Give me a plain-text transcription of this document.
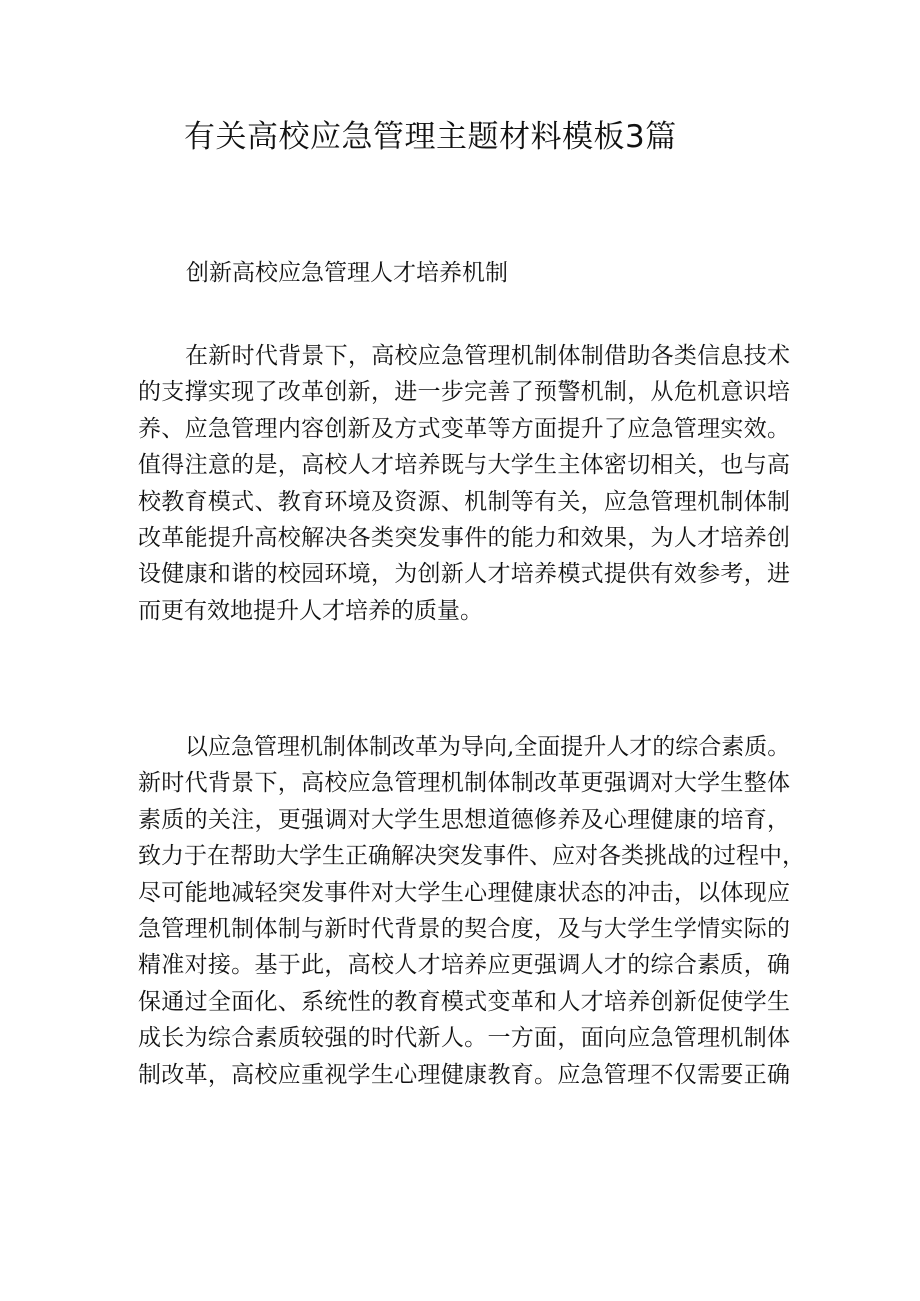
有关高校应急管理主题材料模板3篇
创新高校应急管理人才培养机制
在新时代背景下，高校应急管理机制体制借助各类信息技术
的支撑实现了改革创新，进一步完善了预警机制，从危机意识培
养、应急管理内容创新及方式变革等方面提升了应急管理实效。
值得注意的是，高校人才培养既与大学生主体密切相关，也与高
校教育模式、教育环境及资源、机制等有关，应急管理机制体制
改革能提升高校解决各类突发事件的能力和效果，为人才培养创
设健康和谐的校园环境，为创新人才培养模式提供有效参考，进
而更有效地提升人才培养的质量。
以应急管理机制体制改革为导向,全面提升人才的综合素质。
新时代背景下，高校应急管理机制体制改革更强调对大学生整体
素质的关注，更强调对大学生思想道德修养及心理健康的培育，
致力于在帮助大学生正确解决突发事件、应对各类挑战的过程中，
尽可能地减轻突发事件对大学生心理健康状态的冲击，以体现应
急管理机制体制与新时代背景的契合度，及与大学生学情实际的
精准对接。基于此，高校人才培养应更强调人才的综合素质，确
保通过全面化、系统性的教育模式变革和人才培养创新促使学生
成长为综合素质较强的时代新人。一方面，面向应急管理机制体
制改革，高校应重视学生心理健康教育。应急管理不仅需要正确
